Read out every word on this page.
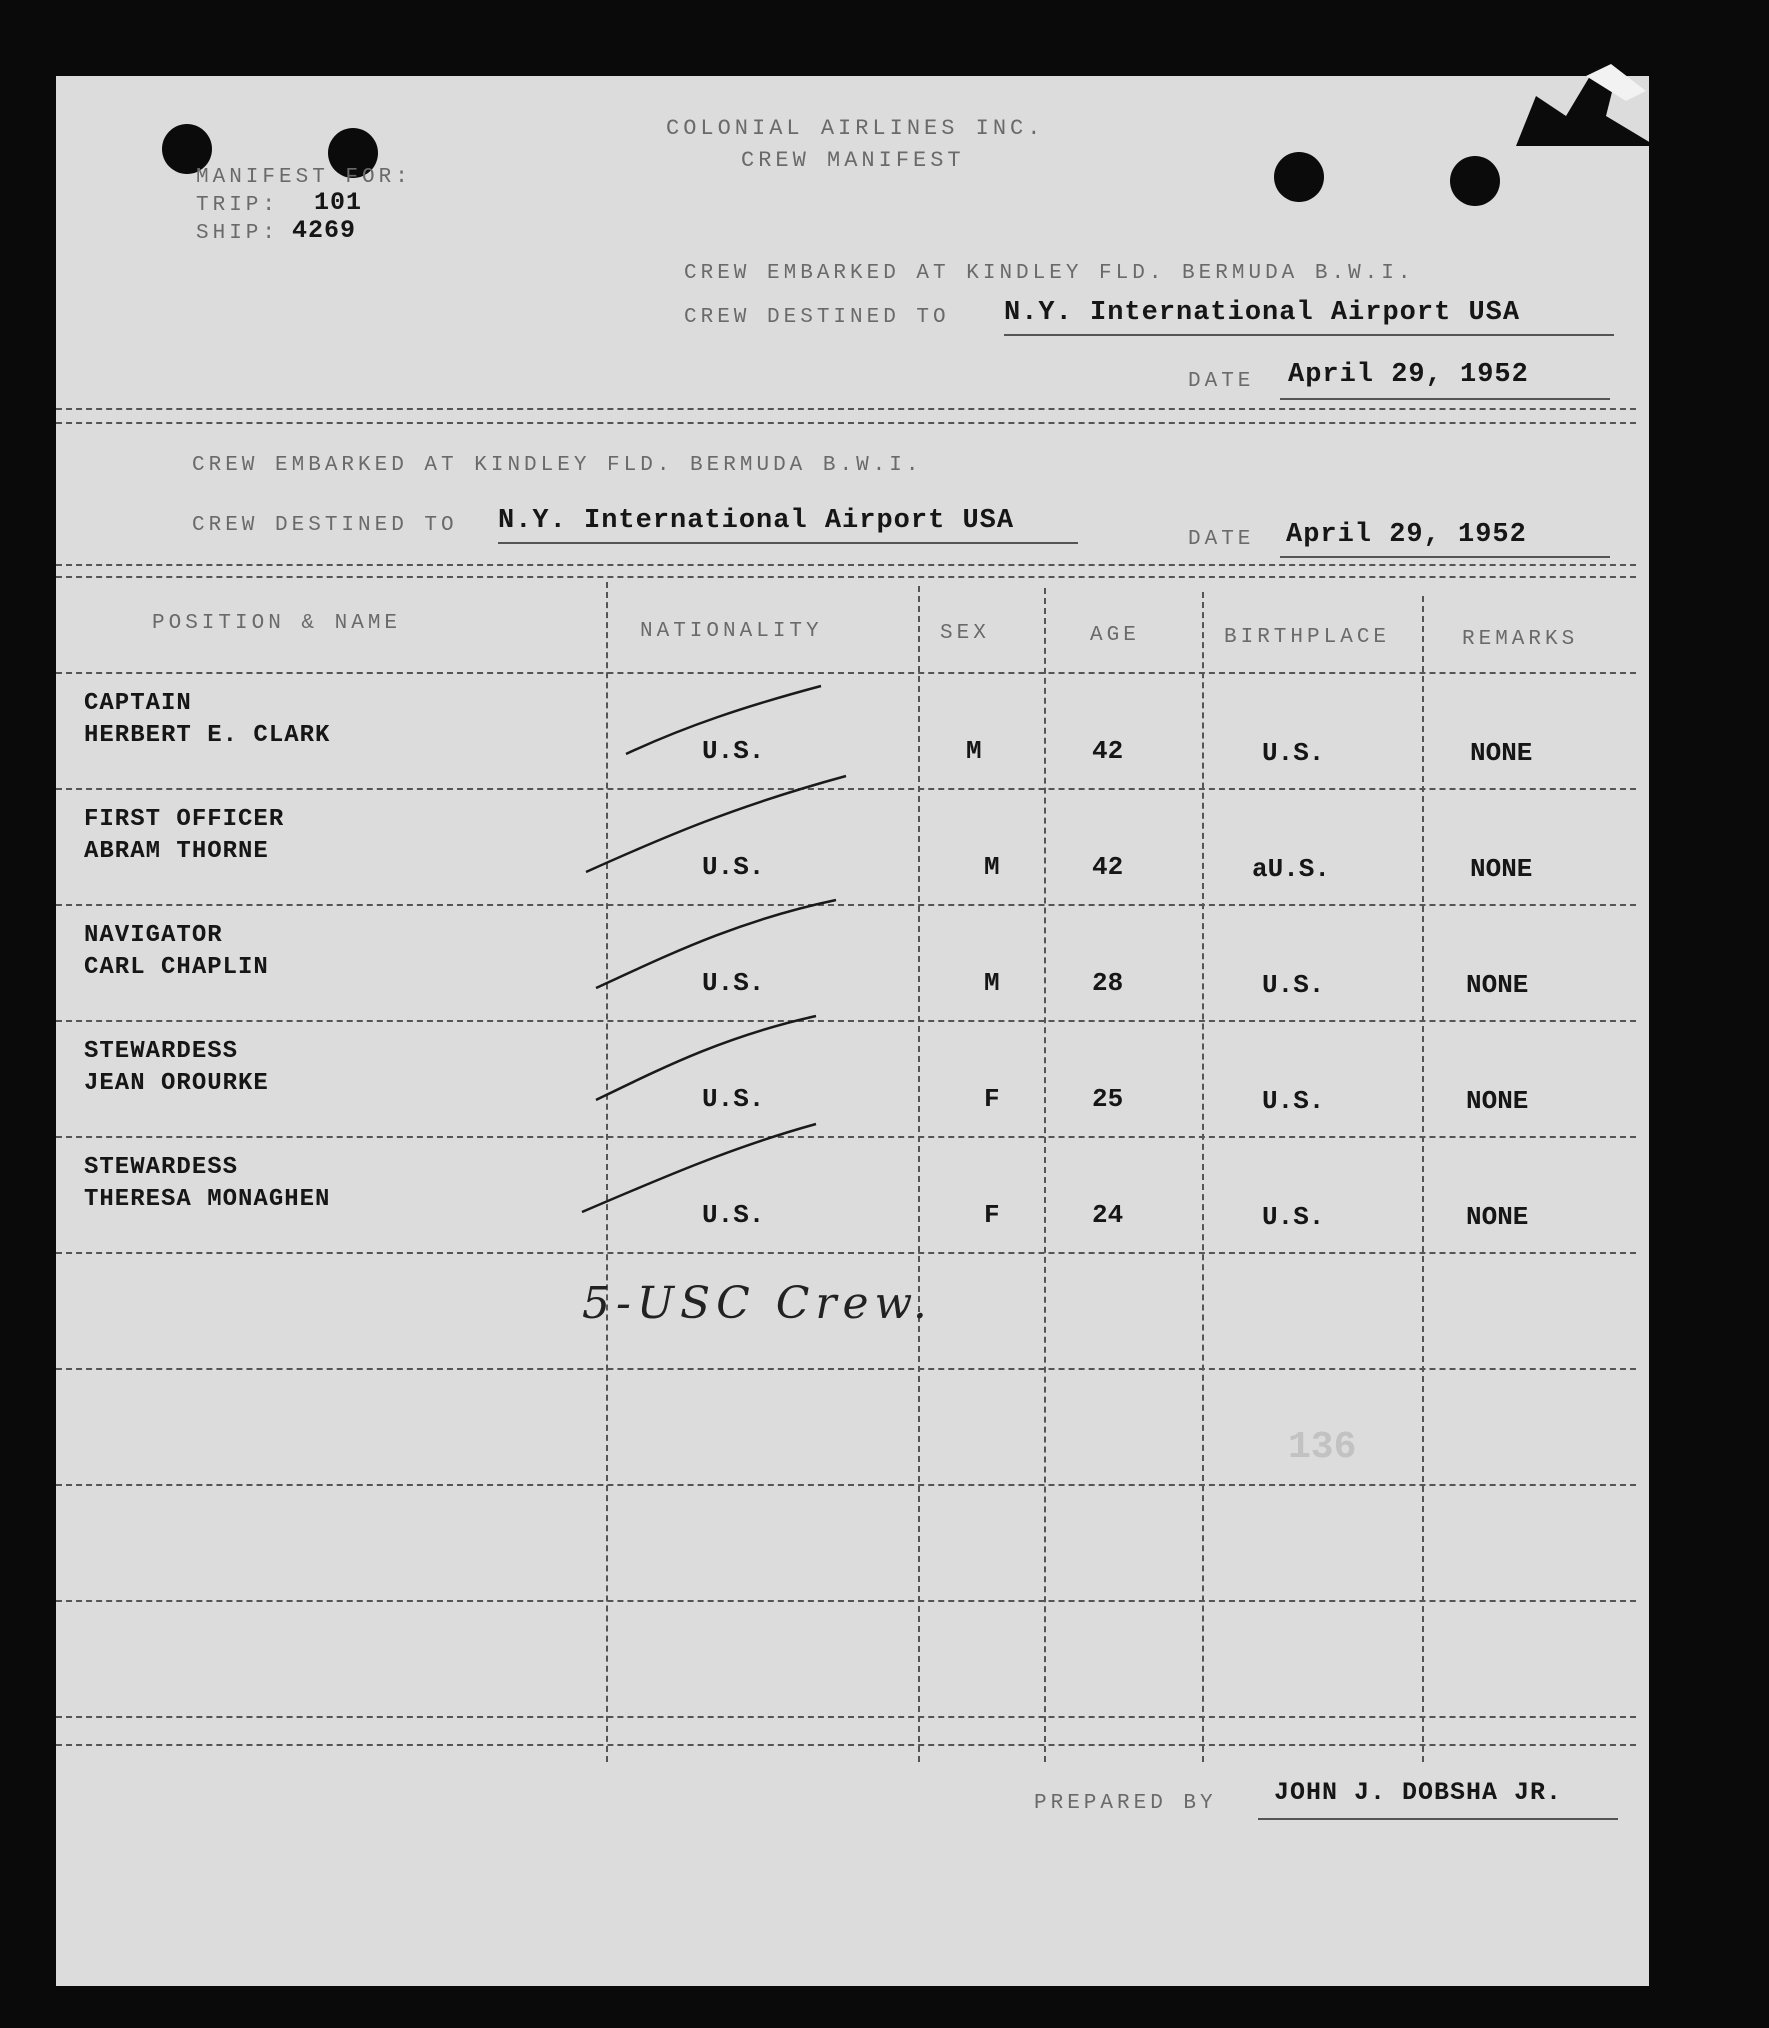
COLONIAL AIRLINES INC.
CREW MANIFEST
MANIFEST FOR:
TRIP: 101
SHIP: 4269
CREW EMBARKED AT KINDLEY FLD. BERMUDA B.W.I.
CREW DESTINED TO N.Y. International Airport USA
DATE April 29, 1952
CREW EMBARKED AT KINDLEY FLD. BERMUDA B.W.I.
CREW DESTINED TO N.Y. International Airport USA
DATE April 29, 1952
POSITION & NAME	NATIONALITY	SEX	AGE	BIRTHPLACE	REMARKS
CAPTAIN
HERBERT E. CLARK
U.S.	M	42	U.S.	NONE
FIRST OFFICER
ABRAM THORNE
U.S.	M	42	aU.S.	NONE
NAVIGATOR
CARL CHAPLIN
U.S.	M	28	U.S.	NONE
STEWARDESS
JEAN OROURKE
U.S.	F	25	U.S.	NONE
STEWARDESS
THERESA MONAGHEN
U.S.	F	24	U.S.	NONE
5-USC Crew.
136
PREPARED BY JOHN J. DOBSHA JR.
